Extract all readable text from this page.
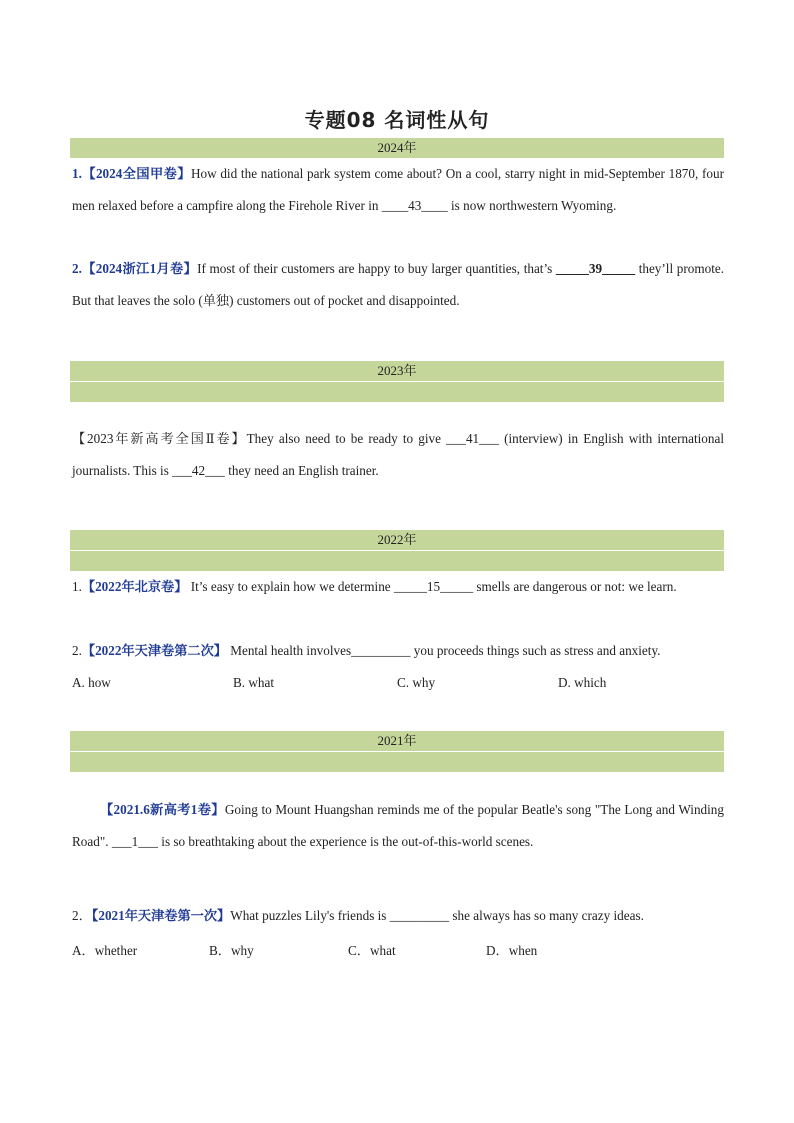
专题08 名词性从句
2024年
1.【2024全国甲卷】How did the national park system come about? On a cool, starry night in mid-September 1870, four men relaxed before a campfire along the Firehole River in ____43____ is now northwestern Wyoming.
2.【2024浙江1月卷】If most of their customers are happy to buy larger quantities, that’s _____39_____ they’ll promote. But that leaves the solo (单独) customers out of pocket and disappointed.
2023年
【2023年新高考全国Ⅱ卷】They also need to be ready to give ___41___ (interview) in English with international journalists. This is ___42___ they need an English trainer.
2022年
1.【2022年北京卷】 It’s easy to explain how we determine _____15_____ smells are dangerous or not: we learn.
2.【2022年天津卷第二次】 Mental health involves_________ you proceeds things such as stress and anxiety.
A. how	B. what	C. why	D. which
2021年
【2021.6新高考1卷】Going to Mount Huangshan reminds me of the popular Beatle's song "The Long and Winding Road". ___1___ is so breathtaking about the experience is the out-of-this-world scenes.
2．【2021年天津卷第一次】What puzzles Lily's friends is _________ she always has so many crazy ideas.
A．whether	B．why	C．what	D．when
